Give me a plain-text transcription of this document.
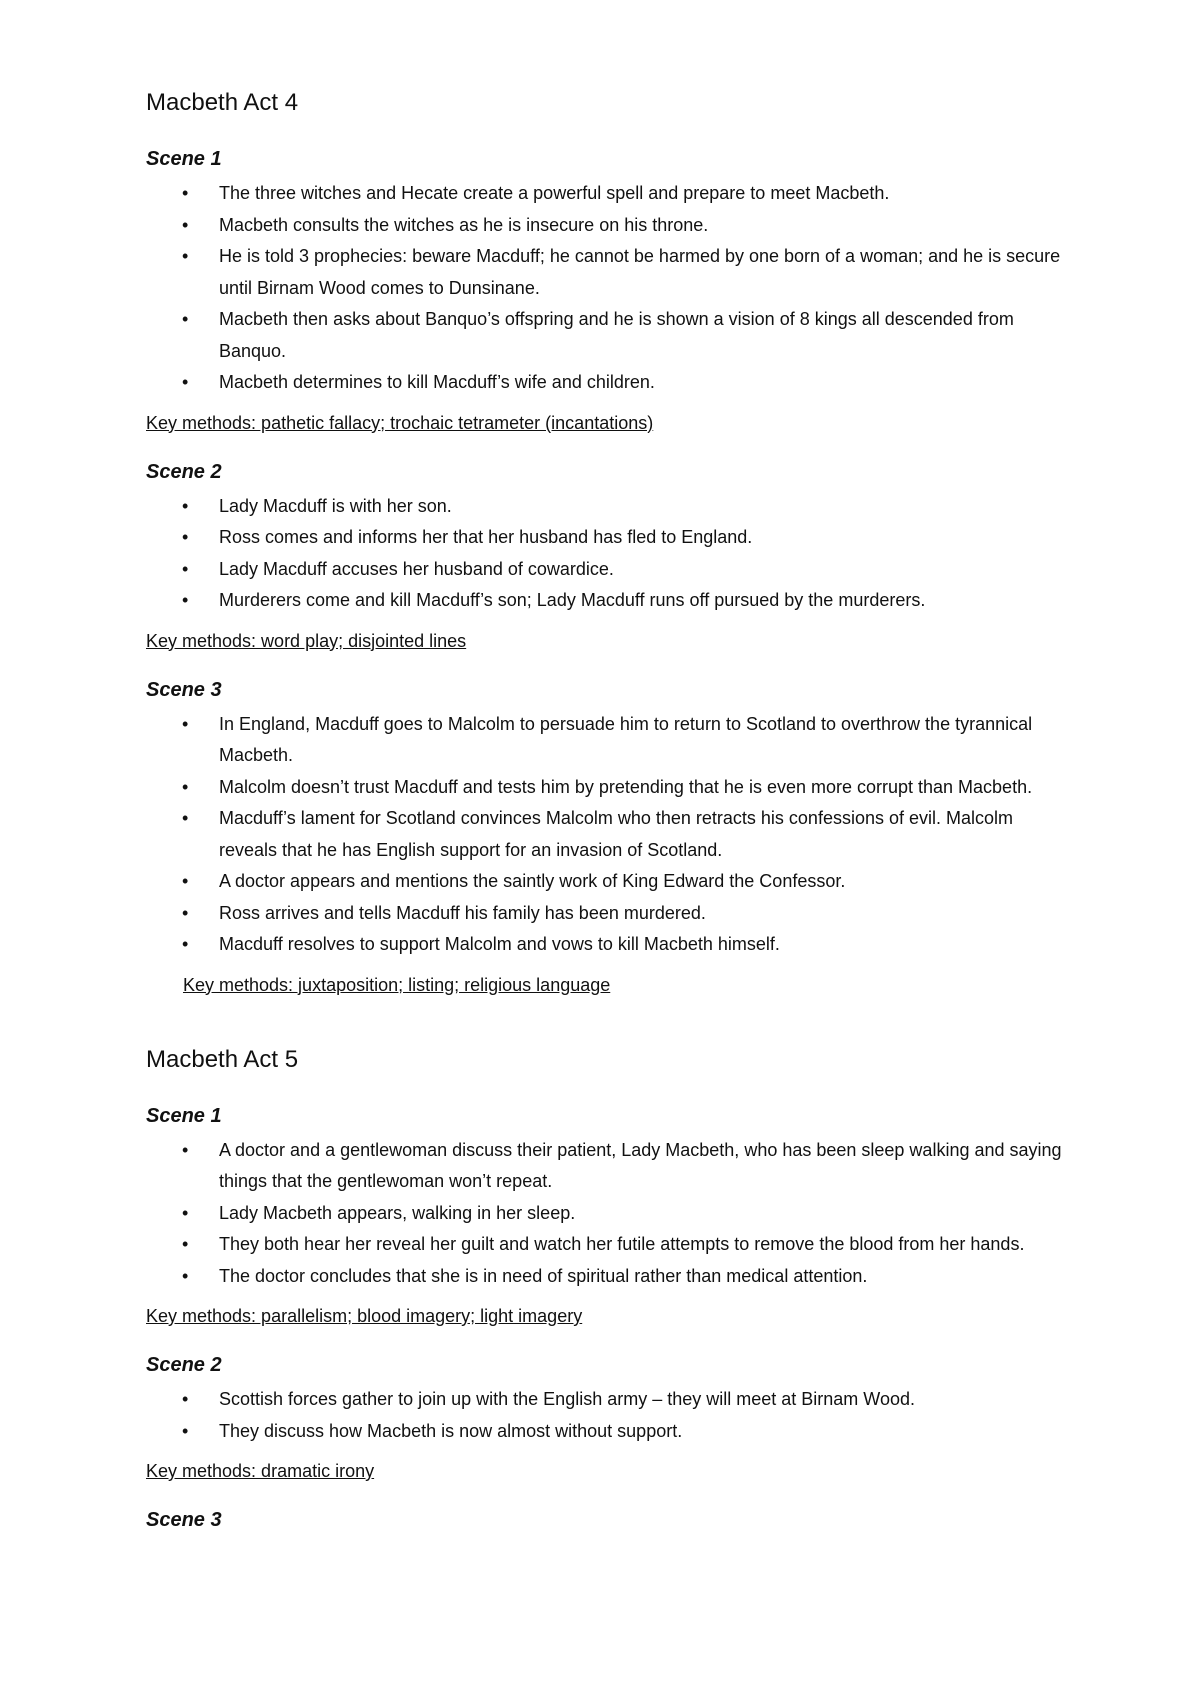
Macbeth Act 4
Scene 1
• The three witches and Hecate create a powerful spell and prepare to meet Macbeth.
• Macbeth consults the witches as he is insecure on his throne.
• He is told 3 prophecies: beware Macduff; he cannot be harmed by one born of a woman; and he is secure until Birnam Wood comes to Dunsinane.
• Macbeth then asks about Banquo’s offspring and he is shown a vision of 8 kings all descended from Banquo.
• Macbeth determines to kill Macduff’s wife and children.

Key methods: pathetic fallacy; trochaic tetrameter (incantations)

Scene 2
• Lady Macduff is with her son.
• Ross comes and informs her that her husband has fled to England.
• Lady Macduff accuses her husband of cowardice.
• Murderers come and kill Macduff’s son; Lady Macduff runs off pursued by the murderers.

Key methods: word play; disjointed lines

Scene 3
• In England, Macduff goes to Malcolm to persuade him to return to Scotland to overthrow the tyrannical Macbeth.
• Malcolm doesn’t trust Macduff and tests him by pretending that he is even more corrupt than Macbeth.
• Macduff’s lament for Scotland convinces Malcolm who then retracts his confessions of evil. Malcolm reveals that he has English support for an invasion of Scotland.
• A doctor appears and mentions the saintly work of King Edward the Confessor.
• Ross arrives and tells Macduff his family has been murdered.
• Macduff resolves to support Malcolm and vows to kill Macbeth himself.

Key methods: juxtaposition; listing; religious language

Macbeth Act 5
Scene 1
• A doctor and a gentlewoman discuss their patient, Lady Macbeth, who has been sleep walking and saying things that the gentlewoman won’t repeat.
• Lady Macbeth appears, walking in her sleep.
• They both hear her reveal her guilt and watch her futile attempts to remove the blood from her hands.
• The doctor concludes that she is in need of spiritual rather than medical attention.

Key methods: parallelism; blood imagery; light imagery

Scene 2
• Scottish forces gather to join up with the English army – they will meet at Birnam Wood.
• They discuss how Macbeth is now almost without support.

Key methods: dramatic irony

Scene 3
